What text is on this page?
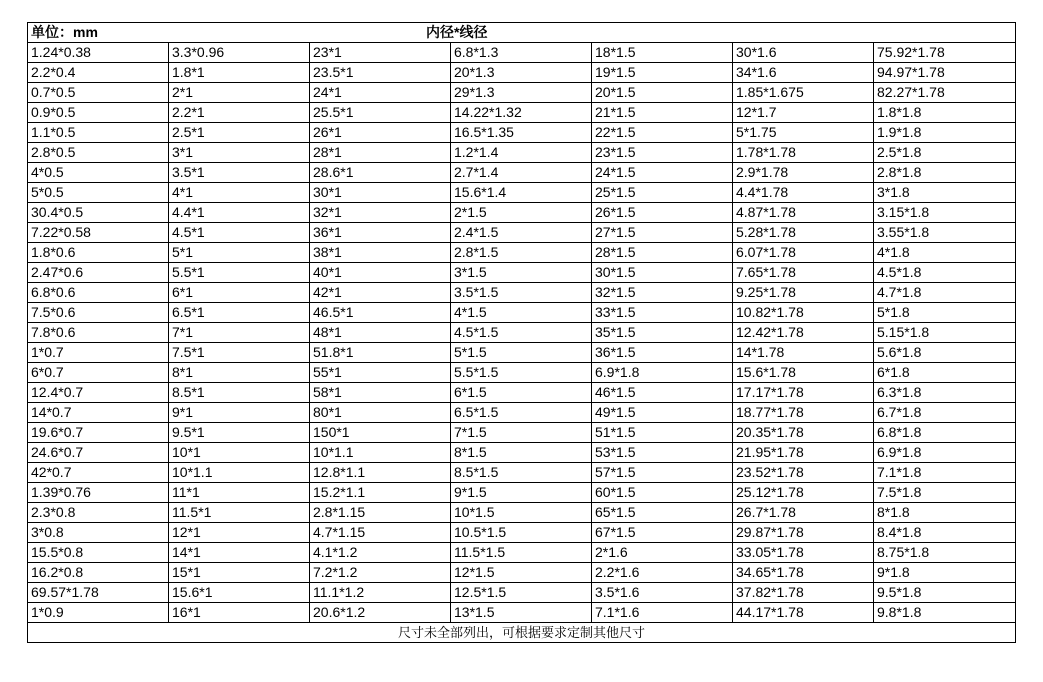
单位：mm 内径*线径						

1.24*0.38	3.3*0.96	23*1	6.8*1.3	18*1.5	30*1.6	75.92*1.78
2.2*0.4	1.8*1	23.5*1	20*1.3	19*1.5	34*1.6	94.97*1.78
0.7*0.5	2*1	24*1	29*1.3	20*1.5	1.85*1.675	82.27*1.78
0.9*0.5	2.2*1	25.5*1	14.22*1.32	21*1.5	12*1.7	1.8*1.8
1.1*0.5	2.5*1	26*1	16.5*1.35	22*1.5	5*1.75	1.9*1.8
2.8*0.5	3*1	28*1	1.2*1.4	23*1.5	1.78*1.78	2.5*1.8
4*0.5	3.5*1	28.6*1	2.7*1.4	24*1.5	2.9*1.78	2.8*1.8
5*0.5	4*1	30*1	15.6*1.4	25*1.5	4.4*1.78	3*1.8
30.4*0.5	4.4*1	32*1	2*1.5	26*1.5	4.87*1.78	3.15*1.8
7.22*0.58	4.5*1	36*1	2.4*1.5	27*1.5	5.28*1.78	3.55*1.8
1.8*0.6	5*1	38*1	2.8*1.5	28*1.5	6.07*1.78	4*1.8
2.47*0.6	5.5*1	40*1	3*1.5	30*1.5	7.65*1.78	4.5*1.8
6.8*0.6	6*1	42*1	3.5*1.5	32*1.5	9.25*1.78	4.7*1.8
7.5*0.6	6.5*1	46.5*1	4*1.5	33*1.5	10.82*1.78	5*1.8
7.8*0.6	7*1	48*1	4.5*1.5	35*1.5	12.42*1.78	5.15*1.8
1*0.7	7.5*1	51.8*1	5*1.5	36*1.5	14*1.78	5.6*1.8
6*0.7	8*1	55*1	5.5*1.5	6.9*1.8	15.6*1.78	6*1.8
12.4*0.7	8.5*1	58*1	6*1.5	46*1.5	17.17*1.78	6.3*1.8
14*0.7	9*1	80*1	6.5*1.5	49*1.5	18.77*1.78	6.7*1.8
19.6*0.7	9.5*1	150*1	7*1.5	51*1.5	20.35*1.78	6.8*1.8
24.6*0.7	10*1	10*1.1	8*1.5	53*1.5	21.95*1.78	6.9*1.8
42*0.7	10*1.1	12.8*1.1	8.5*1.5	57*1.5	23.52*1.78	7.1*1.8
1.39*0.76	11*1	15.2*1.1	9*1.5	60*1.5	25.12*1.78	7.5*1.8
2.3*0.8	11.5*1	2.8*1.15	10*1.5	65*1.5	26.7*1.78	8*1.8
3*0.8	12*1	4.7*1.15	10.5*1.5	67*1.5	29.87*1.78	8.4*1.8
15.5*0.8	14*1	4.1*1.2	11.5*1.5	2*1.6	33.05*1.78	8.75*1.8
16.2*0.8	15*1	7.2*1.2	12*1.5	2.2*1.6	34.65*1.78	9*1.8
69.57*1.78	15.6*1	11.1*1.2	12.5*1.5	3.5*1.6	37.82*1.78	9.5*1.8
1*0.9	16*1	20.6*1.2	13*1.5	7.1*1.6	44.17*1.78	9.8*1.8
尺寸未全部列出，可根据要求定制其他尺寸						
